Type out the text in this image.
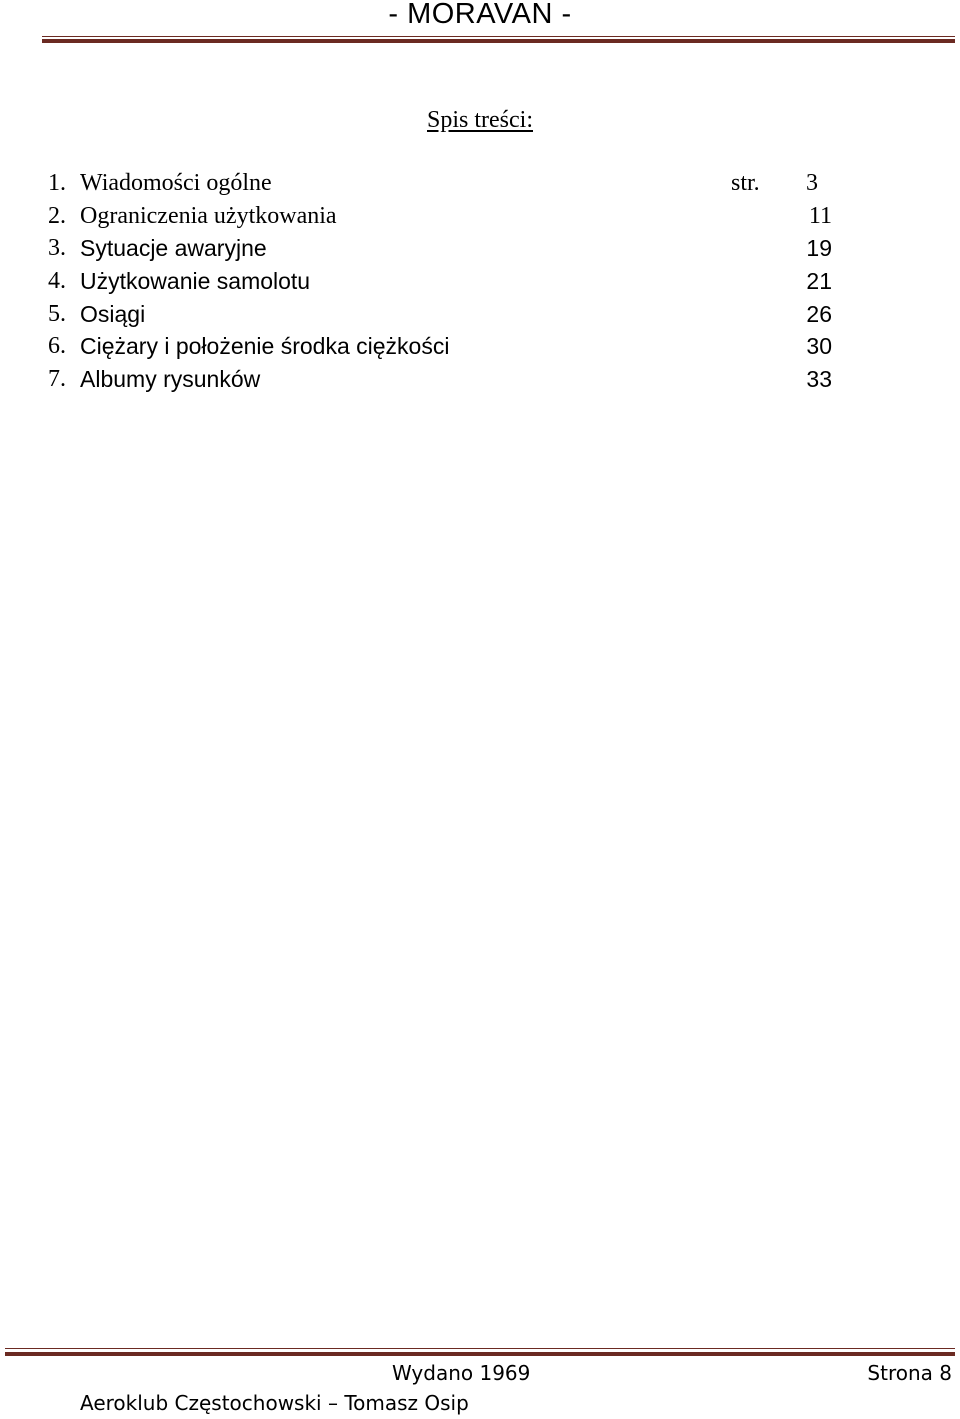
- MORAVAN -
Spis treści:
1. Wiadomości ogólne	str. 3
2. Ograniczenia użytkowania	11
3. Sytuacje awaryjne	19
4. Użytkowanie samolotu	21
5. Osiągi	26
6. Ciężary i położenie środka ciężkości	30
7. Albumy rysunków	33
Wydano 1969	Strona 8
Aeroklub Częstochowski – Tomasz Osip
